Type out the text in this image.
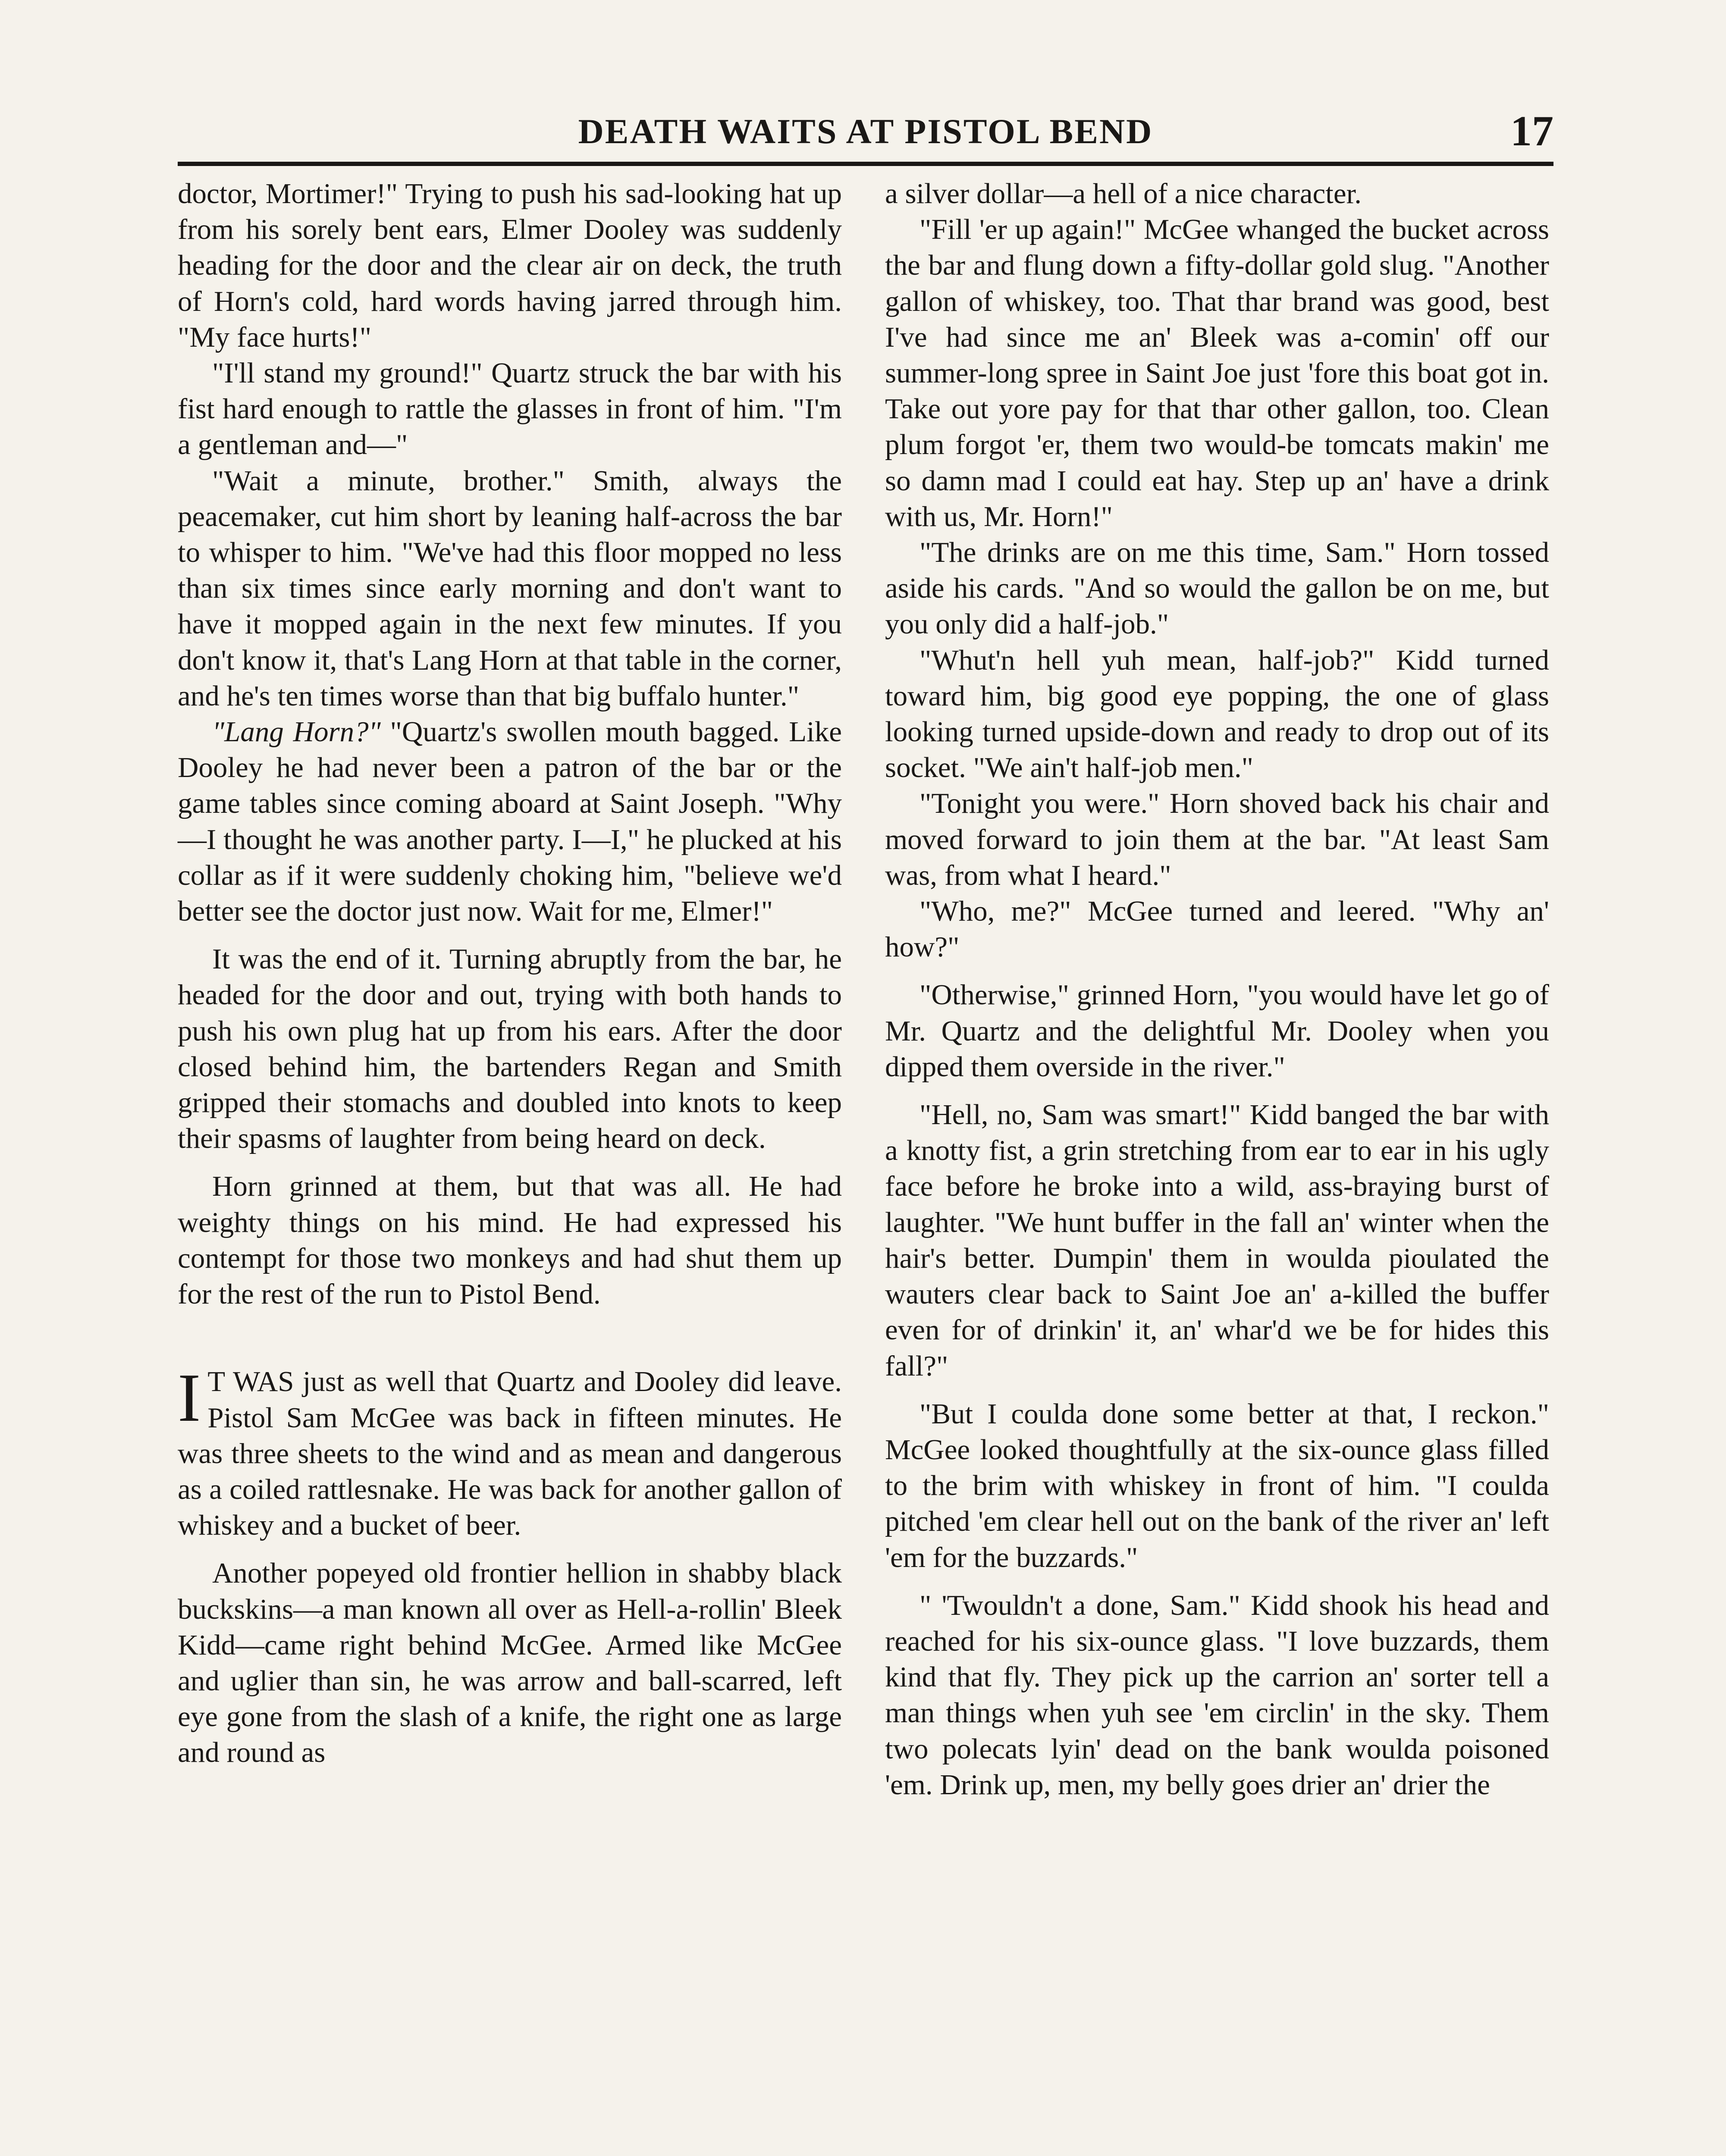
DEATH WAITS AT PISTOL BEND	17

doctor, Mortimer!" Trying to push his sad-looking hat up from his sorely bent ears, Elmer Dooley was suddenly heading for the door and the clear air on deck, the truth of Horn's cold, hard words having jarred through him. "My face hurts!"

"I'll stand my ground!" Quartz struck the bar with his fist hard enough to rattle the glasses in front of him. "I'm a gentleman and—"

"Wait a minute, brother." Smith, always the peacemaker, cut him short by leaning half-across the bar to whisper to him. "We've had this floor mopped no less than six times since early morning and don't want to have it mopped again in the next few minutes. If you don't know it, that's Lang Horn at that table in the corner, and he's ten times worse than that big buffalo hunter."

"Lang Horn?" "Quartz's swollen mouth bagged. Like Dooley he had never been a patron of the bar or the game tables since coming aboard at Saint Joseph. "Why—I thought he was another party. I—I," he plucked at his collar as if it were suddenly choking him, "believe we'd better see the doctor just now. Wait for me, Elmer!"

It was the end of it. Turning abruptly from the bar, he headed for the door and out, trying with both hands to push his own plug hat up from his ears. After the door closed behind him, the bartenders Regan and Smith gripped their stomachs and doubled into knots to keep their spasms of laughter from being heard on deck.

Horn grinned at them, but that was all. He had weighty things on his mind. He had expressed his contempt for those two monkeys and had shut them up for the rest of the run to Pistol Bend.

I T WAS just as well that Quartz and Dooley did leave. Pistol Sam McGee was back in fifteen minutes. He was three sheets to the wind and as mean and dangerous as a coiled rattlesnake. He was back for another gallon of whiskey and a bucket of beer.

Another popeyed old frontier hellion in shabby black buckskins—a man known all over as Hell-a-rollin' Bleek Kidd—came right behind McGee. Armed like McGee and uglier than sin, he was arrow and ball-scarred, left eye gone from the slash of a knife, the right one as large and round as

a silver dollar—a hell of a nice character.

"Fill 'er up again!" McGee whanged the bucket across the bar and flung down a fifty-dollar gold slug. "Another gallon of whiskey, too. That thar brand was good, best I've had since me an' Bleek was a-comin' off our summer-long spree in Saint Joe just 'fore this boat got in. Take out yore pay for that thar other gallon, too. Clean plum forgot 'er, them two would-be tomcats makin' me so damn mad I could eat hay. Step up an' have a drink with us, Mr. Horn!"

"The drinks are on me this time, Sam." Horn tossed aside his cards. "And so would the gallon be on me, but you only did a half-job."

"Whut'n hell yuh mean, half-job?" Kidd turned toward him, big good eye popping, the one of glass looking turned upside-down and ready to drop out of its socket. "We ain't half-job men."

"Tonight you were." Horn shoved back his chair and moved forward to join them at the bar. "At least Sam was, from what I heard."

"Who, me?" McGee turned and leered. "Why an' how?"

"Otherwise," grinned Horn, "you would have let go of Mr. Quartz and the delightful Mr. Dooley when you dipped them overside in the river."

"Hell, no, Sam was smart!" Kidd banged the bar with a knotty fist, a grin stretching from ear to ear in his ugly face before he broke into a wild, ass-braying burst of laughter. "We hunt buffer in the fall an' winter when the hair's better. Dumpin' them in woulda pioulated the wauters clear back to Saint Joe an' a-killed the buffer even for of drinkin' it, an' whar'd we be for hides this fall?"

"But I coulda done some better at that, I reckon." McGee looked thoughtfully at the six-ounce glass filled to the brim with whiskey in front of him. "I coulda pitched 'em clear hell out on the bank of the river an' left 'em for the buzzards."

" 'Twouldn't a done, Sam." Kidd shook his head and reached for his six-ounce glass. "I love buzzards, them kind that fly. They pick up the carrion an' sorter tell a man things when yuh see 'em circlin' in the sky. Them two polecats lyin' dead on the bank woulda poisoned 'em. Drink up, men, my belly goes drier an' drier the
